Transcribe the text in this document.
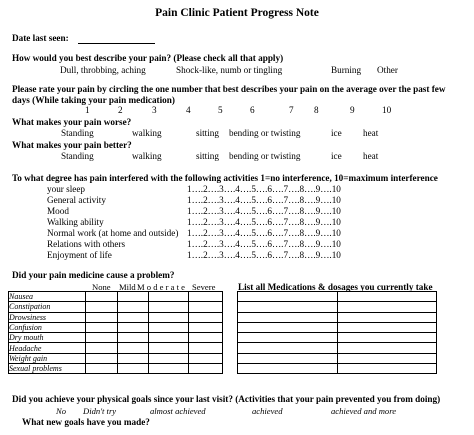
Pain Clinic Patient Progress Note
Date last seen:
How would you best describe your pain? (Please check all that apply)
Dull, throbbing, aching	Shock-like, numb or tingling	Burning Other
Please rate your pain by circling the one number that best describes your pain on the average over the past few
days (While taking your pain medication)
1	2	3	4	5	6	7 8	9	10
What makes your pain worse?
Standing	walking	sitting bending or twisting	ice heat
What makes your pain better?
Standing	walking	sitting bending or twisting	ice heat
To what degree has pain interfered with the following activities 1=no interference, 10=maximum interference
your sleep	1….2….3….4….5….6….7….8….9….10
General activity	1….2….3….4….5….6….7….8….9….10
Mood	1….2….3….4….5….6….7….8….9….10
Walking ability	1….2….3….4….5….6….7….8….9….10
Normal work (at home and outside) 1….2….3….4….5….6….7….8….9….10
Relations with others	1….2….3….4….5….6….7….8….9….10
Enjoyment of life	1….2….3….4….5….6….7….8….9….10
Did your pain medicine cause a problem?
None Mild M o d e r a t e Severe
Nausea				
Constipation				
Drowsiness				
Confusion				
Dry mouth				
Headache				
Weight gain				
Sexual problems				
List all Medications & dosages you currently take

Did you achieve your physical goals since your last visit? (Activities that your pain prevented you from doing)
No Didn't try	almost achieved	achieved	achieved and more
What new goals have you made?
